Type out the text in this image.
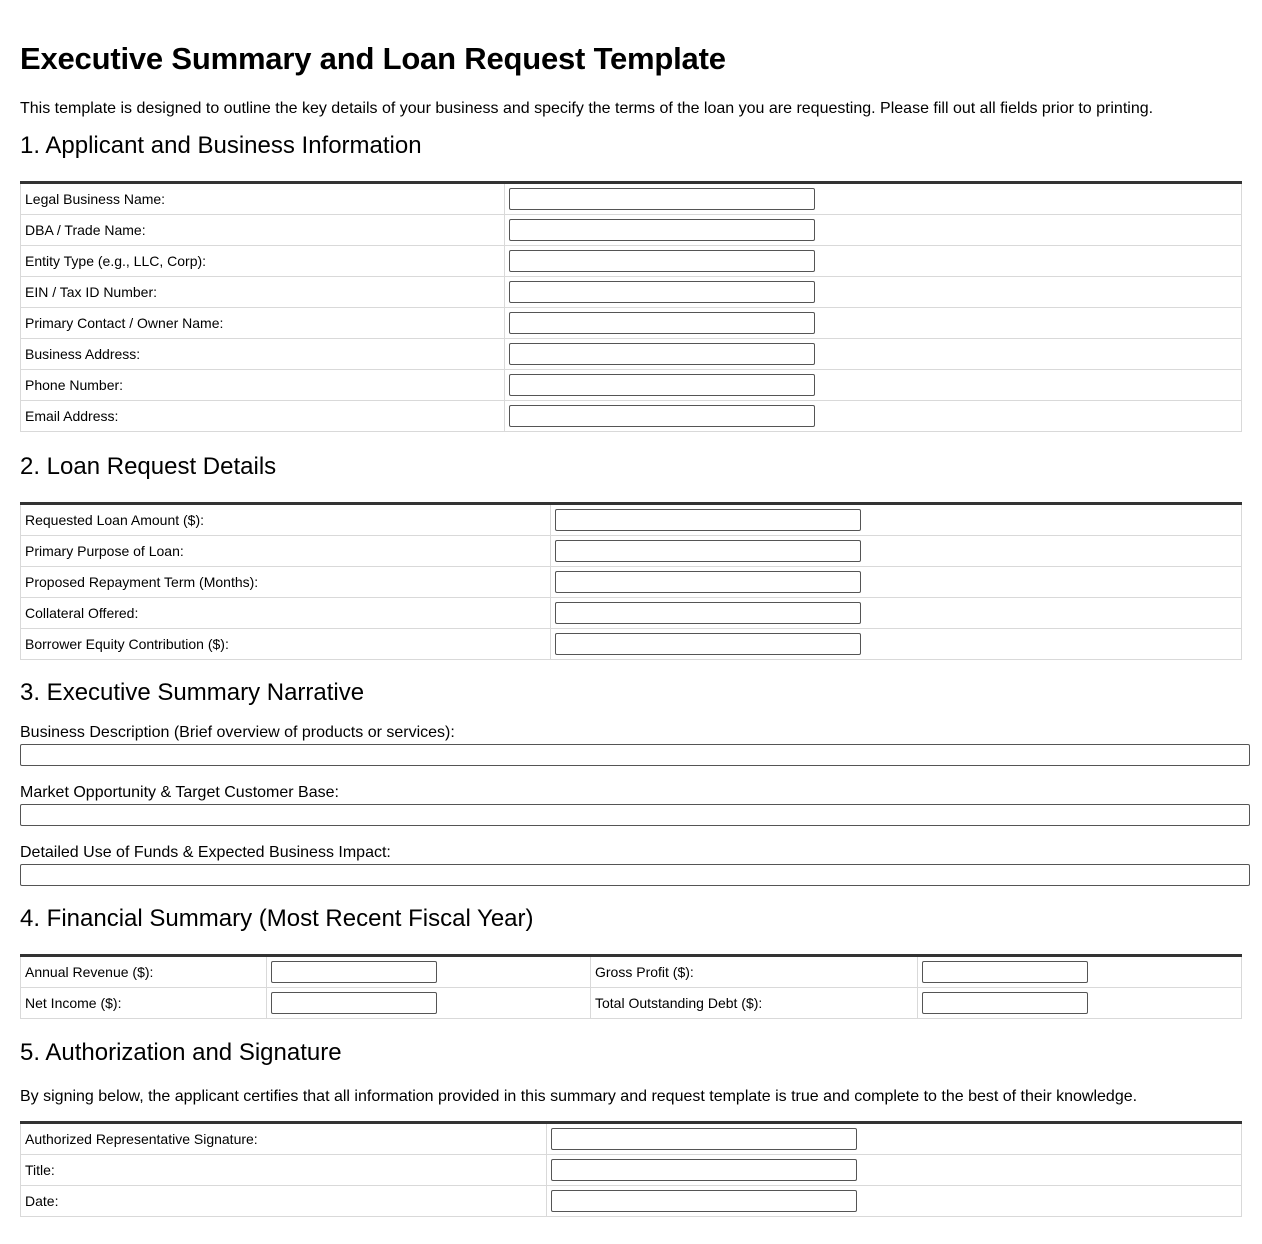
Executive Summary and Loan Request Template
This template is designed to outline the key details of your business and specify the terms of the loan you are requesting. Please fill out all fields prior to printing.
1. Applicant and Business Information
Legal Business Name:	

DBA / Trade Name:	

Entity Type (e.g., LLC, Corp):	

EIN / Tax ID Number:	

Primary Contact / Owner Name:	

Business Address:	

Phone Number:	

Email Address:	
2. Loan Request Details
Requested Loan Amount ($):	

Primary Purpose of Loan:	

Proposed Repayment Term (Months):	

Collateral Offered:	

Borrower Equity Contribution ($):	
3. Executive Summary Narrative
Business Description (Brief overview of products or services):
Market Opportunity & Target Customer Base:
Detailed Use of Funds & Expected Business Impact:
4. Financial Summary (Most Recent Fiscal Year)
Annual Revenue ($):		Gross Profit ($):	

Net Income ($):		Total Outstanding Debt ($):	
5. Authorization and Signature
By signing below, the applicant certifies that all information provided in this summary and request template is true and complete to the best of their knowledge.
Authorized Representative Signature:	

Title:	

Date:	
